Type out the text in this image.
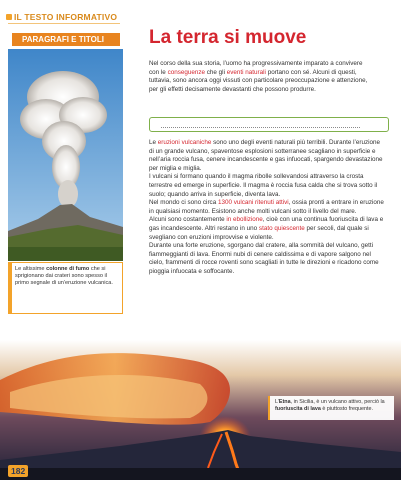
IL TESTO INFORMATIVO
PARAGRAFI E TITOLI	La terra si muove
Le altissime colonne di fumo che si sprigionano dai crateri sono spesso il primo segnale di un’eruzione vulcanica.
Nel corso della sua storia, l’uomo ha progressivamente imparato a convivere con le conseguenze che gli eventi naturali portano con sé. Alcuni di questi, tuttavia, sono ancora oggi vissuti con particolare preoccupazione e attenzione, per gli effetti decisamente devastanti che possono produrre.

Le eruzioni vulcaniche sono uno degli eventi naturali più terribili. Durante l’eruzione di un grande vulcano, spaventose esplosioni sotterranee scagliano in superficie e nell’aria roccia fusa, cenere incandescente e gas infuocati, spargendo devastazione per miglia e miglia.

I vulcani si formano quando il magma ribolle sollevandosi attraverso la crosta terrestre ed emerge in superficie. Il magma è roccia fusa calda che si trova sotto il suolo; quando arriva in superficie, diventa lava.

Nel mondo ci sono circa 1300 vulcani ritenuti attivi, ossia pronti a entrare in eruzione in qualsiasi momento. Esistono anche molti vulcani sotto il livello del mare.

Alcuni sono costantemente in ebollizione, cioè con una continua fuoriuscita di lava e gas incandescente. Altri restano in uno stato quiescente per secoli, dal quale si svegliano con eruzioni improvvise e violente.

Durante una forte eruzione, sgorgano dal cratere, alla sommità del vulcano, getti fiammeggianti di lava. Enormi nubi di cenere caldissima e di vapore salgono nel cielo, frammenti di rocce roventi sono scagliati in tutte le direzioni e ricadono come pioggia infuocata e soffocante.

L’Etna, in Sicilia, è un vulcano attivo, perciò la fuoriuscita di lava è piuttosto frequente.
182
